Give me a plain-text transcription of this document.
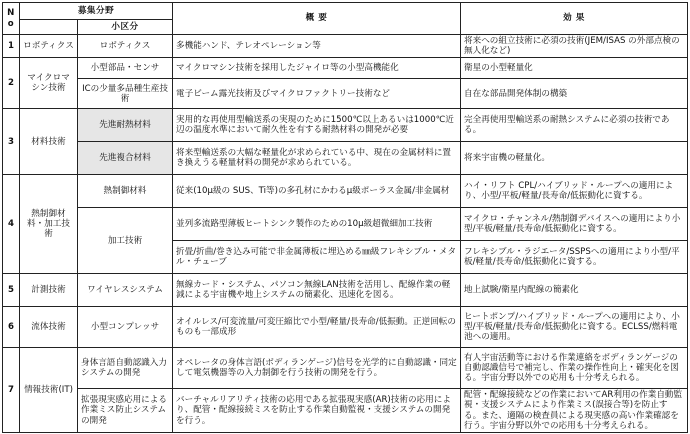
No	募集分野		概 要	効 果
		小区分		
1	ロボティクス	ロボティクス	多機能ハンド、テレオペレーション等	将来への組立技術に必須の技術(JEM/ISAS の外部点検の無人化など)
2	マイクロマシン技術	小型部品・センサ	マイクロマシン技術を採用したジャイロ等の小型高機能化	衛星の小型軽量化
		ICの少量多品種生産技術	電子ビーム露光技術及びマイクロファクトリー技術など	自在な部品開発体制の構築
3	材料技術	先進耐熱材料	実用的な再使用型輸送系の実現のために1500℃以上あるいは1000℃近辺の温度水準において耐久性を有する耐熱材料の開発が必要	完全再使用型輸送系の耐熱システムに必須の技術である。
		先進複合材料	将来型輸送系の大幅な軽量化が求められている中、現在の金属材料に置き換えうる軽量材料の開発が求められている。	将来宇宙機の軽量化。
4	熱制御材料・加工技術	熱制御材料	従来(10μ級の SUS、Ti等)の多孔材にかわるμ級ポーラス金属/非金属材	ハイ・リフト CPL/ハイブリッド・ループへの適用により、小型/平板/軽量/長寿命/低振動化に資する。
		加工技術	並列多流路型薄板ヒートシンク製作のための10μ級超微細加工技術	マイクロ・チャンネル/熱制御デバイスへの適用により小型/平板/軽量/長寿命/低振動化に資する。
			折畳/折曲/巻き込み可能で非金属薄板に埋込める㎜級フレキシブル・メタル・チューブ	フレキシブル・ラジエータ/SSPSへの適用により小型/平板/軽量/長寿命/低振動化に資する。
5	計測技術	ワイヤレスシステム	無線カード・システム、パソコン無線LAN技術を活用し、配線作業の軽減による宇宙機や地上システムの簡素化、迅速化を図る。	地上試験/衛星内配線の簡素化
6	流体技術	小型コンプレッサ	オイルレス/可変流量/可変圧縮比で小型/軽量/長寿命/低振動。正逆回転のものも一部成形	ヒートポンプ/ハイブリッド・ループへの適用により、小型/平板/軽量/長寿命/低振動化に資する。ECLSS/燃料電池への適用。
7	情報技術(IT)	身体言語自動認識入力システムの開発	オペレータの身体言語(ボディランゲージ)信号を光学的に自動認識・同定して電気機器等の入力制御を行う技術の開発を行う。	有人宇宙活動等における作業連絡をボディランゲージの自動認識信号で補完し、作業の操作性向上・確実化を図る。宇宙分野以外での応用も十分考えられる。
		拡張現実感応用による作業ミス防止システムの開発	バーチャルリアリティ技術の応用である拡張現実感(AR)技術の応用により、配管・配線接続ミスを防止する作業自動監視・支援システムの開発を行う。	配管・配線接続などの作業においてAR利用の作業自動監視・支援システムにより作業ミス(誤接合等)を防止する。また、適隔の検査員による現実感の高い作業確認を行う。宇宙分野以外での応用も十分考えられる。
